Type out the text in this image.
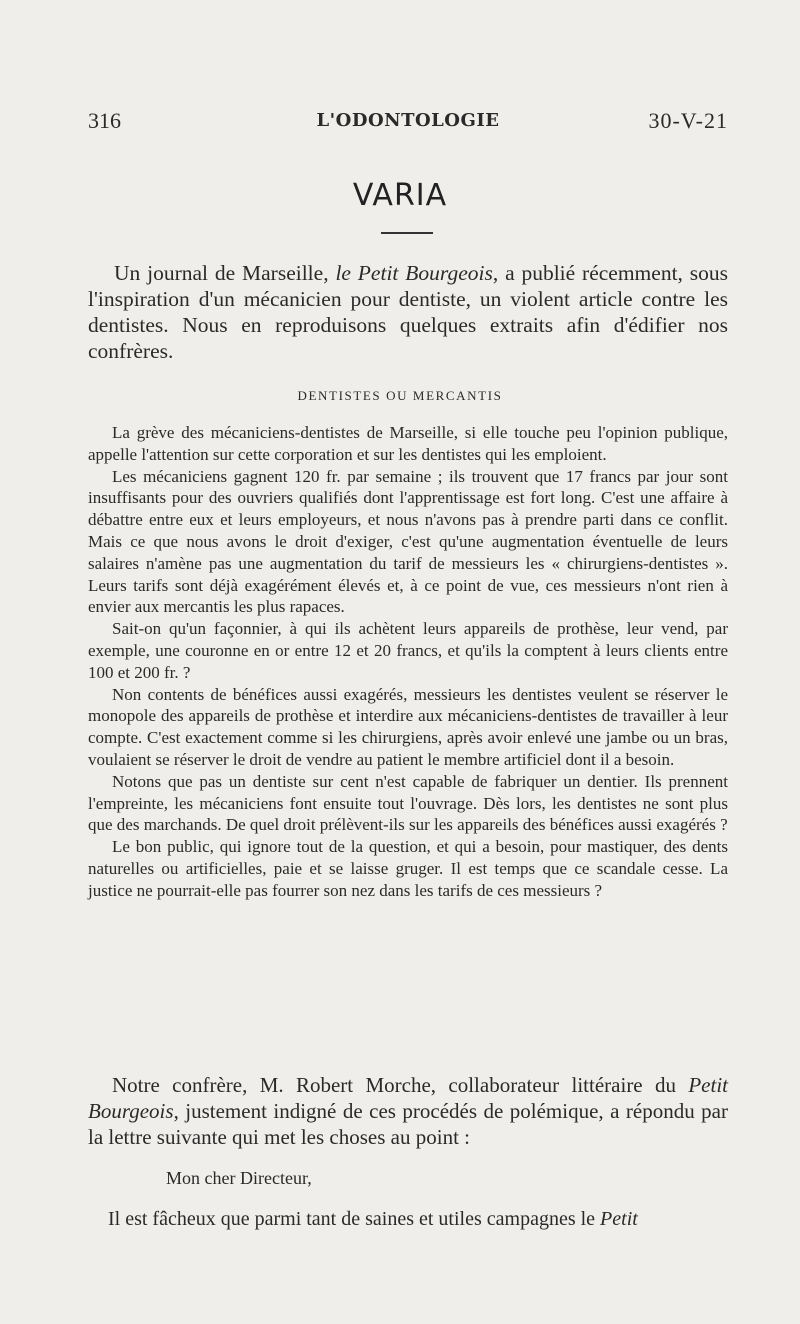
316	L'ODONTOLOGIE	30-V-21
VARIA

Un journal de Marseille, le Petit Bourgeois, a publié récemment, sous l'inspiration d'un mécanicien pour dentiste, un violent article contre les dentistes. Nous en reproduisons quelques extraits afin d'édifier nos confrères.

DENTISTES OU MERCANTIS

La grève des mécaniciens-dentistes de Marseille, si elle touche peu l'opinion publique, appelle l'attention sur cette corporation et sur les dentistes qui les emploient.

Les mécaniciens gagnent 120 fr. par semaine ; ils trouvent que 17 francs par jour sont insuffisants pour des ouvriers qualifiés dont l'apprentissage est fort long. C'est une affaire à débattre entre eux et leurs employeurs, et nous n'avons pas à prendre parti dans ce conflit. Mais ce que nous avons le droit d'exiger, c'est qu'une augmentation éventuelle de leurs salaires n'amène pas une augmentation du tarif de messieurs les « chirurgiens-dentistes ». Leurs tarifs sont déjà exagérément élevés et, à ce point de vue, ces messieurs n'ont rien à envier aux mercantis les plus rapaces.

Sait-on qu'un façonnier, à qui ils achètent leurs appareils de prothèse, leur vend, par exemple, une couronne en or entre 12 et 20 francs, et qu'ils la comptent à leurs clients entre 100 et 200 fr. ?

Non contents de bénéfices aussi exagérés, messieurs les dentistes veulent se réserver le monopole des appareils de prothèse et interdire aux mécaniciens-dentistes de travailler à leur compte. C'est exactement comme si les chirurgiens, après avoir enlevé une jambe ou un bras, voulaient se réserver le droit de vendre au patient le membre artificiel dont il a besoin.

Notons que pas un dentiste sur cent n'est capable de fabriquer un dentier. Ils prennent l'empreinte, les mécaniciens font ensuite tout l'ouvrage. Dès lors, les dentistes ne sont plus que des marchands. De quel droit prélèvent-ils sur les appareils des bénéfices aussi exagérés ?

Le bon public, qui ignore tout de la question, et qui a besoin, pour mastiquer, des dents naturelles ou artificielles, paie et se laisse gruger. Il est temps que ce scandale cesse. La justice ne pourrait-elle pas fourrer son nez dans les tarifs de ces messieurs ?

Notre confrère, M. Robert Morche, collaborateur littéraire du Petit Bourgeois, justement indigné de ces procédés de polémique, a répondu par la lettre suivante qui met les choses au point :

Mon cher Directeur,

Il est fâcheux que parmi tant de saines et utiles campagnes le Petit
